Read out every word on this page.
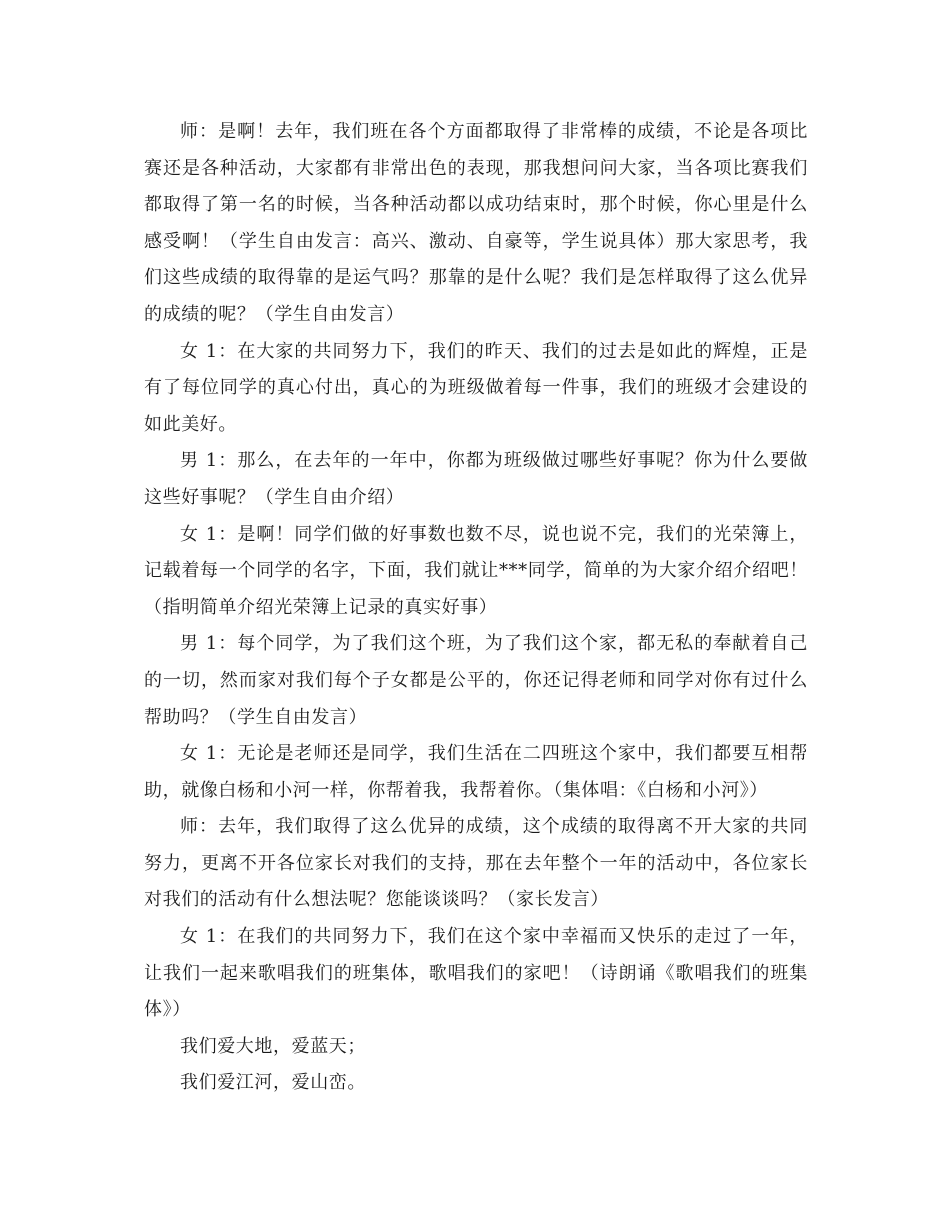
师：是啊！去年，我们班在各个方面都取得了非常棒的成绩，不论是各项比赛还是各种活动，大家都有非常出色的表现，那我想问问大家，当各项比赛我们都取得了第一名的时候，当各种活动都以成功结束时，那个时候，你心里是什么感受啊！（学生自由发言：高兴、激动、自豪等，学生说具体）那大家思考，我们这些成绩的取得靠的是运气吗？那靠的是什么呢？我们是怎样取得了这么优异的成绩的呢？（学生自由发言）

女 1：在大家的共同努力下，我们的昨天、我们的过去是如此的辉煌，正是有了每位同学的真心付出，真心的为班级做着每一件事，我们的班级才会建设的如此美好。

男 1：那么，在去年的一年中，你都为班级做过哪些好事呢？你为什么要做这些好事呢？（学生自由介绍）

女 1：是啊！同学们做的好事数也数不尽，说也说不完，我们的光荣簿上，记载着每一个同学的名字，下面，我们就让***同学，简单的为大家介绍介绍吧！（指明简单介绍光荣簿上记录的真实好事）

男 1：每个同学，为了我们这个班，为了我们这个家，都无私的奉献着自己的一切，然而家对我们每个子女都是公平的，你还记得老师和同学对你有过什么帮助吗？（学生自由发言）

女 1：无论是老师还是同学，我们生活在二四班这个家中，我们都要互相帮助，就像白杨和小河一样，你帮着我，我帮着你。（集体唱：《白杨和小河》）

师：去年，我们取得了这么优异的成绩，这个成绩的取得离不开大家的共同努力，更离不开各位家长对我们的支持，那在去年整个一年的活动中，各位家长对我们的活动有什么想法呢？您能谈谈吗？（家长发言）

女 1：在我们的共同努力下，我们在这个家中幸福而又快乐的走过了一年，让我们一起来歌唱我们的班集体，歌唱我们的家吧！（诗朗诵《歌唱我们的班集体》）

我们爱大地，爱蓝天；

我们爱江河，爱山峦。
